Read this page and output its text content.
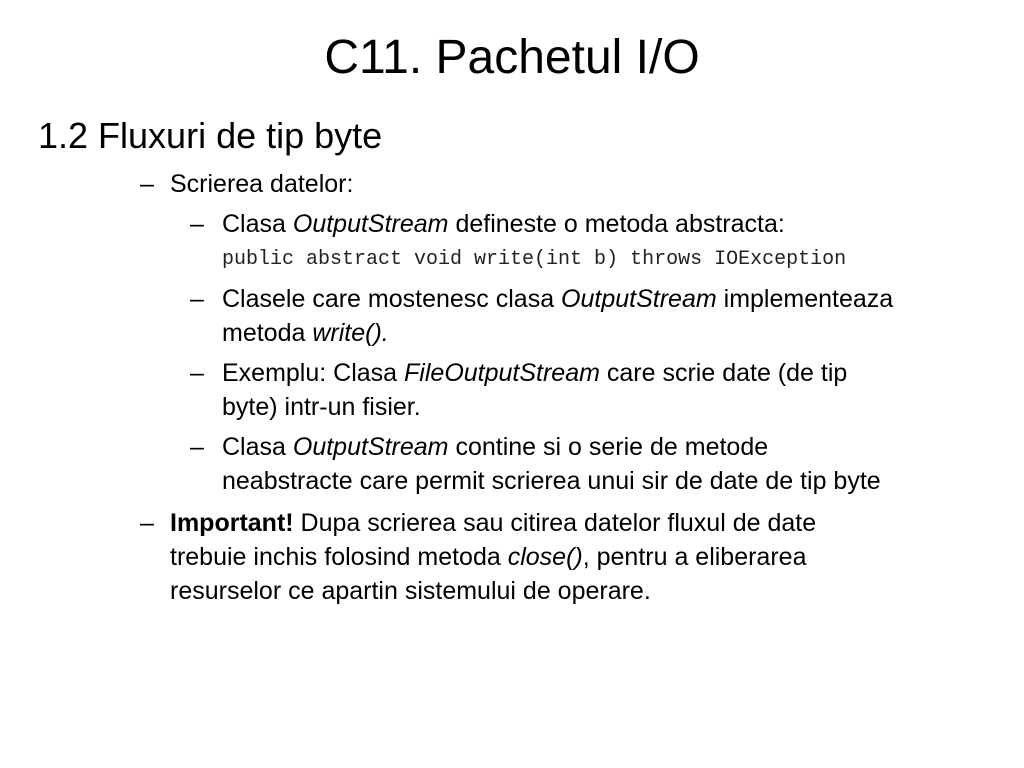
C11. Pachetul I/O
1.2 Fluxuri de tip byte
– Scrierea datelor:
– Clasa OutputStream defineste o metoda abstracta:
public abstract void write(int b) throws IOException
– Clasele care mostenesc clasa OutputStream implementeaza
metoda write().
– Exemplu: Clasa FileOutputStream care scrie date (de tip
byte) intr-un fisier.
– Clasa OutputStream contine si o serie de metode
neabstracte care permit scrierea unui sir de date de tip byte
– Important! Dupa scrierea sau citirea datelor fluxul de date
trebuie inchis folosind metoda close(), pentru a eliberarea
resurselor ce apartin sistemului de operare.
